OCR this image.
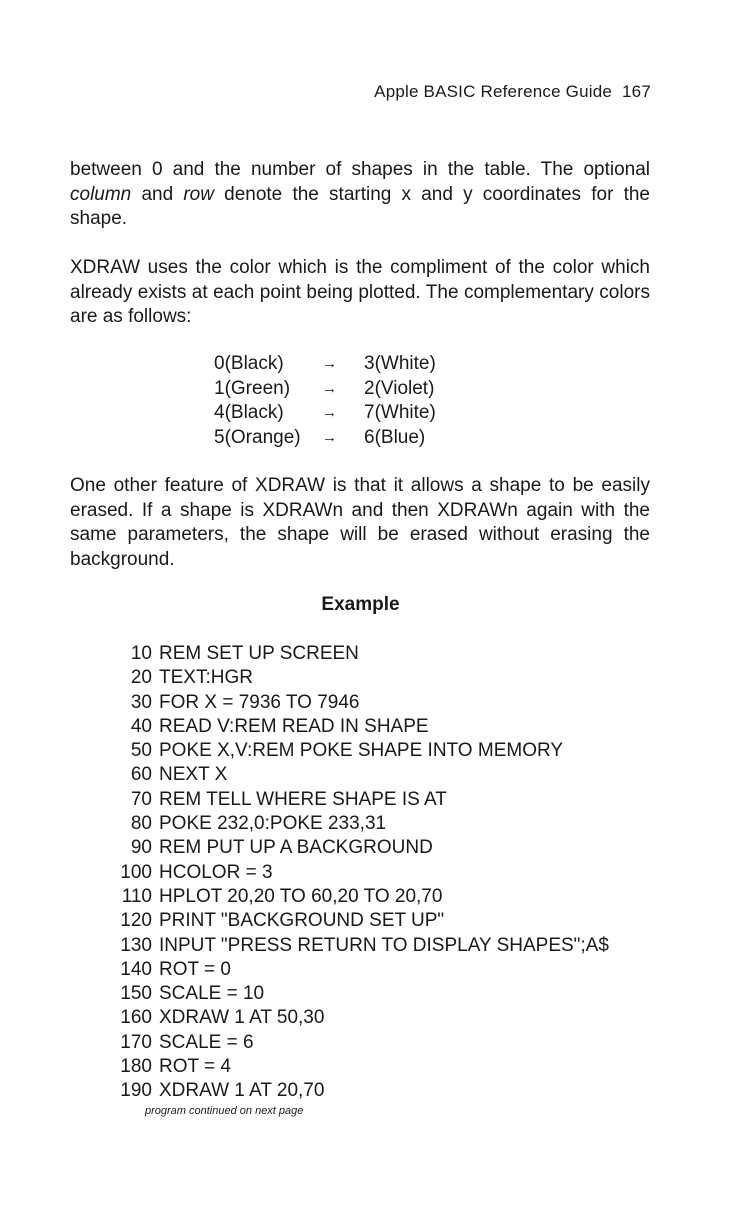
Apple BASIC Reference Guide 167

between 0 and the number of shapes in the table. The optional column and row denote the starting x and y coordinates for the shape.

XDRAW uses the color which is the compliment of the color which already exists at each point being plotted. The complementary colors are as follows:

0(Black)	→	3(White)
1(Green)	→	2(Violet)
4(Black)	→	7(White)
5(Orange)	→	6(Blue)

One other feature of XDRAW is that it allows a shape to be easily erased. If a shape is XDRAWn and then XDRAWn again with the same parameters, the shape will be erased without erasing the background.

Example
10 REM SET UP SCREEN
20 TEXT:HGR
30 FOR X = 7936 TO 7946
40 READ V:REM READ IN SHAPE
50 POKE X,V:REM POKE SHAPE INTO MEMORY
60 NEXT X
70 REM TELL WHERE SHAPE IS AT
80 POKE 232,0:POKE 233,31
90 REM PUT UP A BACKGROUND
100 HCOLOR = 3
110 HPLOT 20,20 TO 60,20 TO 20,70
120 PRINT "BACKGROUND SET UP"
130 INPUT "PRESS RETURN TO DISPLAY SHAPES";A$
140 ROT = 0
150 SCALE = 10
160 XDRAW 1 AT 50,30
170 SCALE = 6
180 ROT = 4
190 XDRAW 1 AT 20,70
program continued on next page
